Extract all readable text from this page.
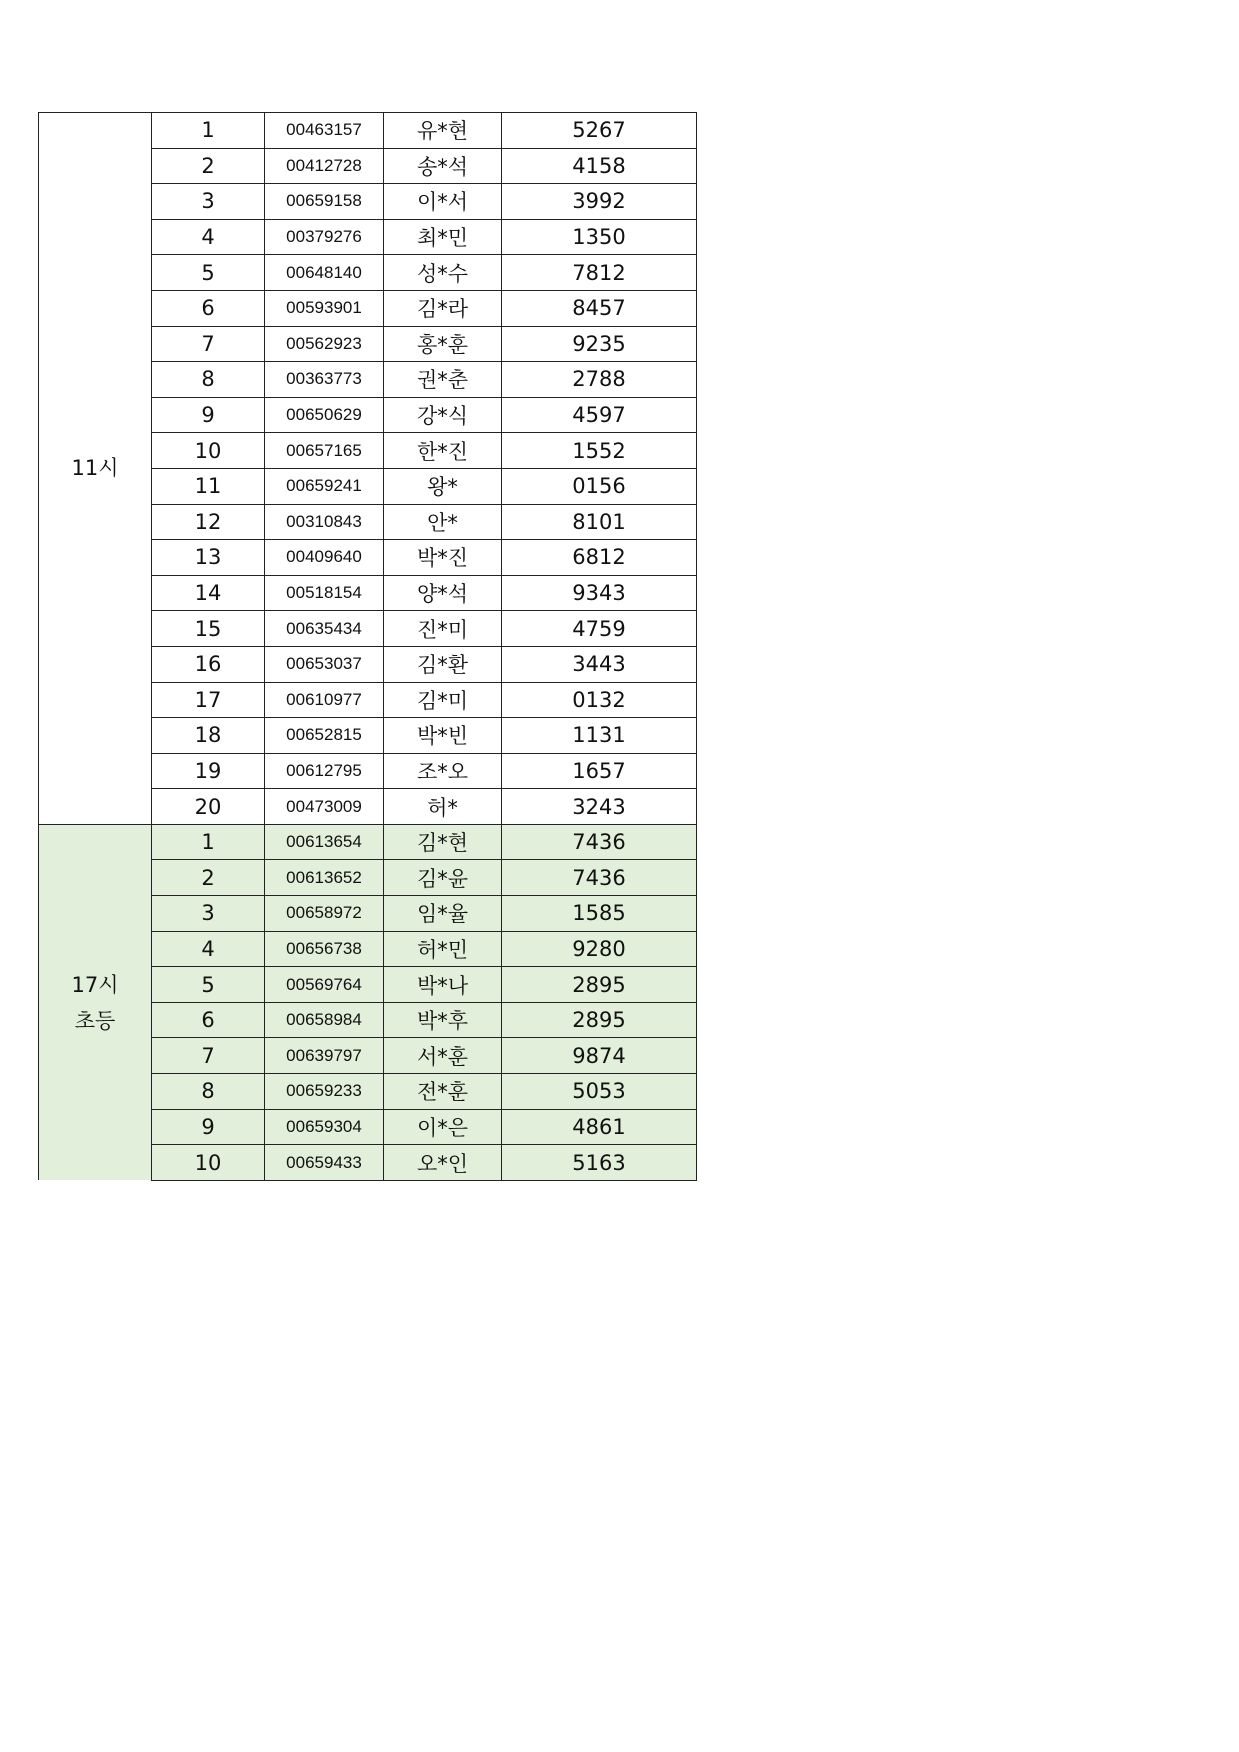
11시	1	00463157	유*현	5267
	2	00412728	송*석	4158
	3	00659158	이*서	3992
	4	00379276	최*민	1350
	5	00648140	성*수	7812
	6	00593901	김*라	8457
	7	00562923	홍*훈	9235
	8	00363773	권*춘	2788
	9	00650629	강*식	4597
	10	00657165	한*진	1552
	11	00659241	왕*	0156
	12	00310843	안*	8101
	13	00409640	박*진	6812
	14	00518154	양*석	9343
	15	00635434	진*미	4759
	16	00653037	김*환	3443
	17	00610977	김*미	0132
	18	00652815	박*빈	1131
	19	00612795	조*오	1657
	20	00473009	허*	3243

17시
초등	1	00613654	김*현	7436
	2	00613652	김*윤	7436
	3	00658972	임*율	1585
	4	00656738	허*민	9280
	5	00569764	박*나	2895
	6	00658984	박*후	2895
	7	00639797	서*훈	9874
	8	00659233	전*훈	5053
	9	00659304	이*은	4861
	10	00659433	오*인	5163
